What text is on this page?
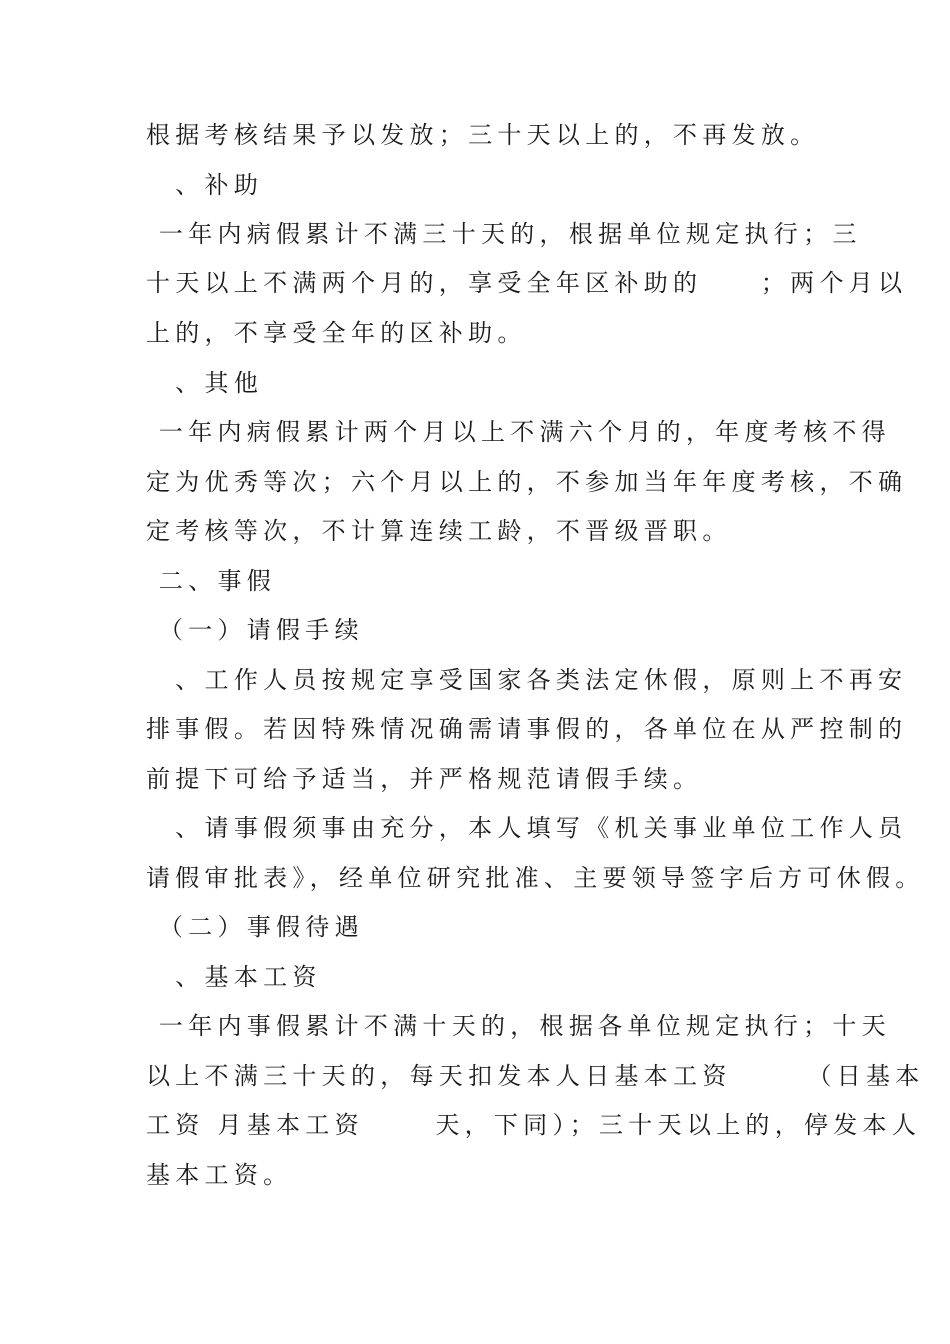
根据考核结果予以发放；三十天以上的，不再发放。
　、补助
一年内病假累计不满三十天的，根据单位规定执行；三
十天以上不满两个月的，享受全年区补助的　　；两个月以
上的，不享受全年的区补助。
　、其他
一年内病假累计两个月以上不满六个月的，年度考核不得
定为优秀等次；六个月以上的，不参加当年年度考核，不确
定考核等次，不计算连续工龄，不晋级晋职。
二、事假
（一）请假手续
　、工作人员按规定享受国家各类法定休假，原则上不再安
排事假。若因特殊情况确需请事假的，各单位在从严控制的
前提下可给予适当，并严格规范请假手续。
　、请事假须事由充分，本人填写《机关事业单位工作人员
请假审批表》，经单位研究批准、主要领导签字后方可休假。
（二）事假待遇
　、基本工资
一年内事假累计不满十天的，根据各单位规定执行；十天
以上不满三十天的，每天扣发本人日基本工资　　　（日基本
工资 月基本工资　　 天，下同）；三十天以上的，停发本人
基本工资。
